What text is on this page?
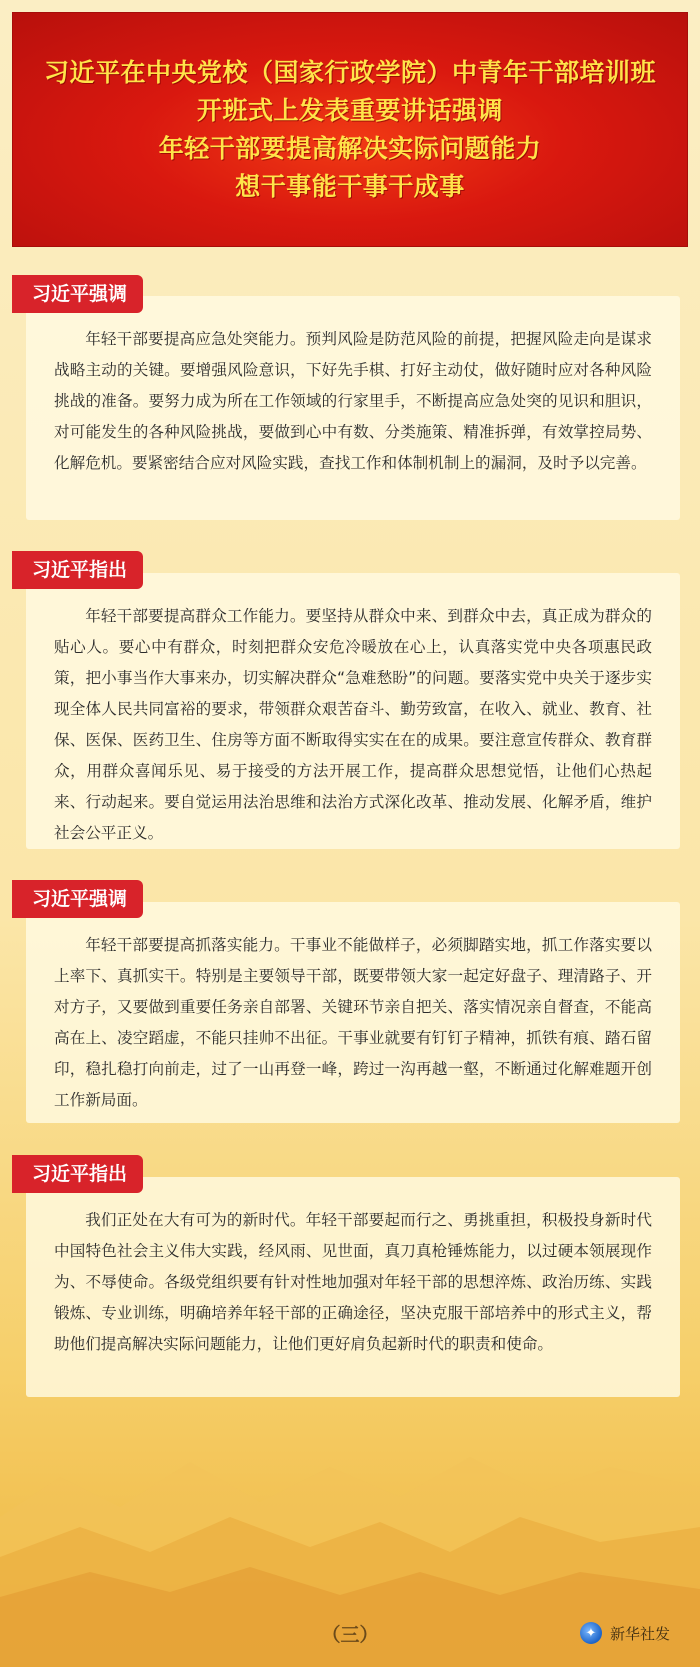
习近平在中央党校（国家行政学院）中青年干部培训班
开班式上发表重要讲话强调
年轻干部要提高解决实际问题能力
想干事能干事干成事
习近平强调

年轻干部要提高应急处突能力。预判风险是防范风险的前提，把握风险走向是谋求战略主动的关键。要增强风险意识，下好先手棋、打好主动仗，做好随时应对各种风险挑战的准备。要努力成为所在工作领域的行家里手，不断提高应急处突的见识和胆识，对可能发生的各种风险挑战，要做到心中有数、分类施策、精准拆弹，有效掌控局势、化解危机。要紧密结合应对风险实践，查找工作和体制机制上的漏洞，及时予以完善。

习近平指出

年轻干部要提高群众工作能力。要坚持从群众中来、到群众中去，真正成为群众的贴心人。要心中有群众，时刻把群众安危冷暖放在心上，认真落实党中央各项惠民政策，把小事当作大事来办，切实解决群众“急难愁盼”的问题。要落实党中央关于逐步实现全体人民共同富裕的要求，带领群众艰苦奋斗、勤劳致富，在收入、就业、教育、社保、医保、医药卫生、住房等方面不断取得实实在在的成果。要注意宣传群众、教育群众，用群众喜闻乐见、易于接受的方法开展工作，提高群众思想觉悟，让他们心热起来、行动起来。要自觉运用法治思维和法治方式深化改革、推动发展、化解矛盾，维护社会公平正义。

习近平强调

年轻干部要提高抓落实能力。干事业不能做样子，必须脚踏实地，抓工作落实要以上率下、真抓实干。特别是主要领导干部，既要带领大家一起定好盘子、理清路子、开对方子，又要做到重要任务亲自部署、关键环节亲自把关、落实情况亲自督查，不能高高在上、凌空蹈虚，不能只挂帅不出征。干事业就要有钉钉子精神，抓铁有痕、踏石留印，稳扎稳打向前走，过了一山再登一峰，跨过一沟再越一壑，不断通过化解难题开创工作新局面。

习近平指出

我们正处在大有可为的新时代。年轻干部要起而行之、勇挑重担，积极投身新时代中国特色社会主义伟大实践，经风雨、见世面，真刀真枪锤炼能力，以过硬本领展现作为、不辱使命。各级党组织要有针对性地加强对年轻干部的思想淬炼、政治历练、实践锻炼、专业训练，明确培养年轻干部的正确途径，坚决克服干部培养中的形式主义，帮助他们提高解决实际问题能力，让他们更好肩负起新时代的职责和使命。

（三）	✦ 新华社发
